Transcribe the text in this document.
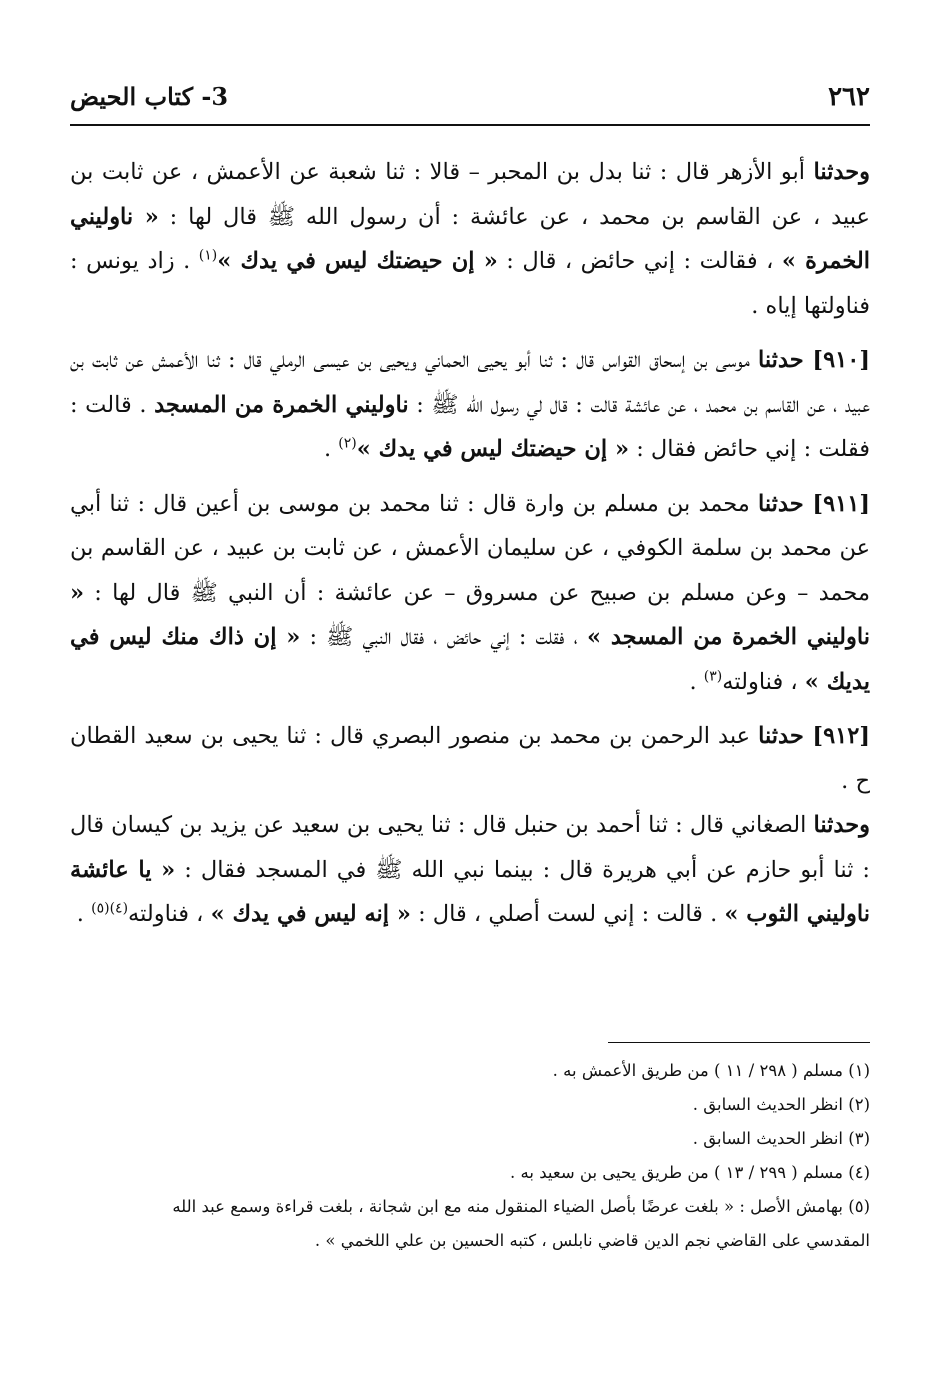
٢٦٢
3- كتاب الحيض

وحدثنا أبو الأزهر قال : ثنا بدل بن المحبر – قالا : ثنا شعبة عن الأعمش ، عن ثابت بن عبيد ، عن القاسم بن محمد ، عن عائشة : أن رسول الله ﷺ قال لها : « ناوليني الخمرة » ، فقالت : إني حائض ، قال : « إن حيضتك ليس في يدك »$^{(١)}$ . زاد يونس : فناولتها إياه .

[٩١٠] حدثنا موسى بن إسحاق القواس قال : ثنا أبو يحيى الحماني ويحيى بن عيسى الرملي قال : ثنا الأعمش عن ثابت بن عبيد ، عن القاسم بن محمد ، عن عائشة قالت : قال لي رسول الله ﷺ : ناوليني الخمرة من المسجد . قالت : فقلت : إني حائض فقال : « إن حيضتك ليس في يدك »$^{(٢)}$ .

[٩١١] حدثنا محمد بن مسلم بن وارة قال : ثنا محمد بن موسى بن أعين قال : ثنا أبي عن محمد بن سلمة الكوفي ، عن سليمان الأعمش ، عن ثابت بن عبيد ، عن القاسم بن محمد – وعن مسلم بن صبيح عن مسروق – عن عائشة : أن النبي ﷺ قال لها : « ناوليني الخمرة من المسجد » ، فقلت : إني حائض ، فقال النبي ﷺ : « إن ذاك منك ليس في يديك » ، فناولته$^{(٣)}$ .

[٩١٢] حدثنا عبد الرحمن بن محمد بن منصور البصري قال : ثنا يحيى بن سعيد القطان ح .

وحدثنا الصغاني قال : ثنا أحمد بن حنبل قال : ثنا يحيى بن سعيد عن يزيد بن كيسان قال : ثنا أبو حازم عن أبي هريرة قال : بينما نبي الله ﷺ في المسجد فقال : « يا عائشة ناوليني الثوب » . قالت : إني لست أصلي ، قال : « إنه ليس في يدك » ، فناولته$^{(٤)(٥)}$ .

(١) مسلم ( ٢٩٨ / ١١ ) من طريق الأعمش به .

(٢) انظر الحديث السابق .

(٣) انظر الحديث السابق .

(٤) مسلم ( ٢٩٩ / ١٣ ) من طريق يحيى بن سعيد به .

(٥) بهامش الأصل : « بلغت عرضًا بأصل الضياء المنقول منه مع ابن شجانة ، بلغت قراءة وسمع عبد الله
المقدسي على القاضي نجم الدين قاضي نابلس ، كتبه الحسين بن علي اللخمي » .
